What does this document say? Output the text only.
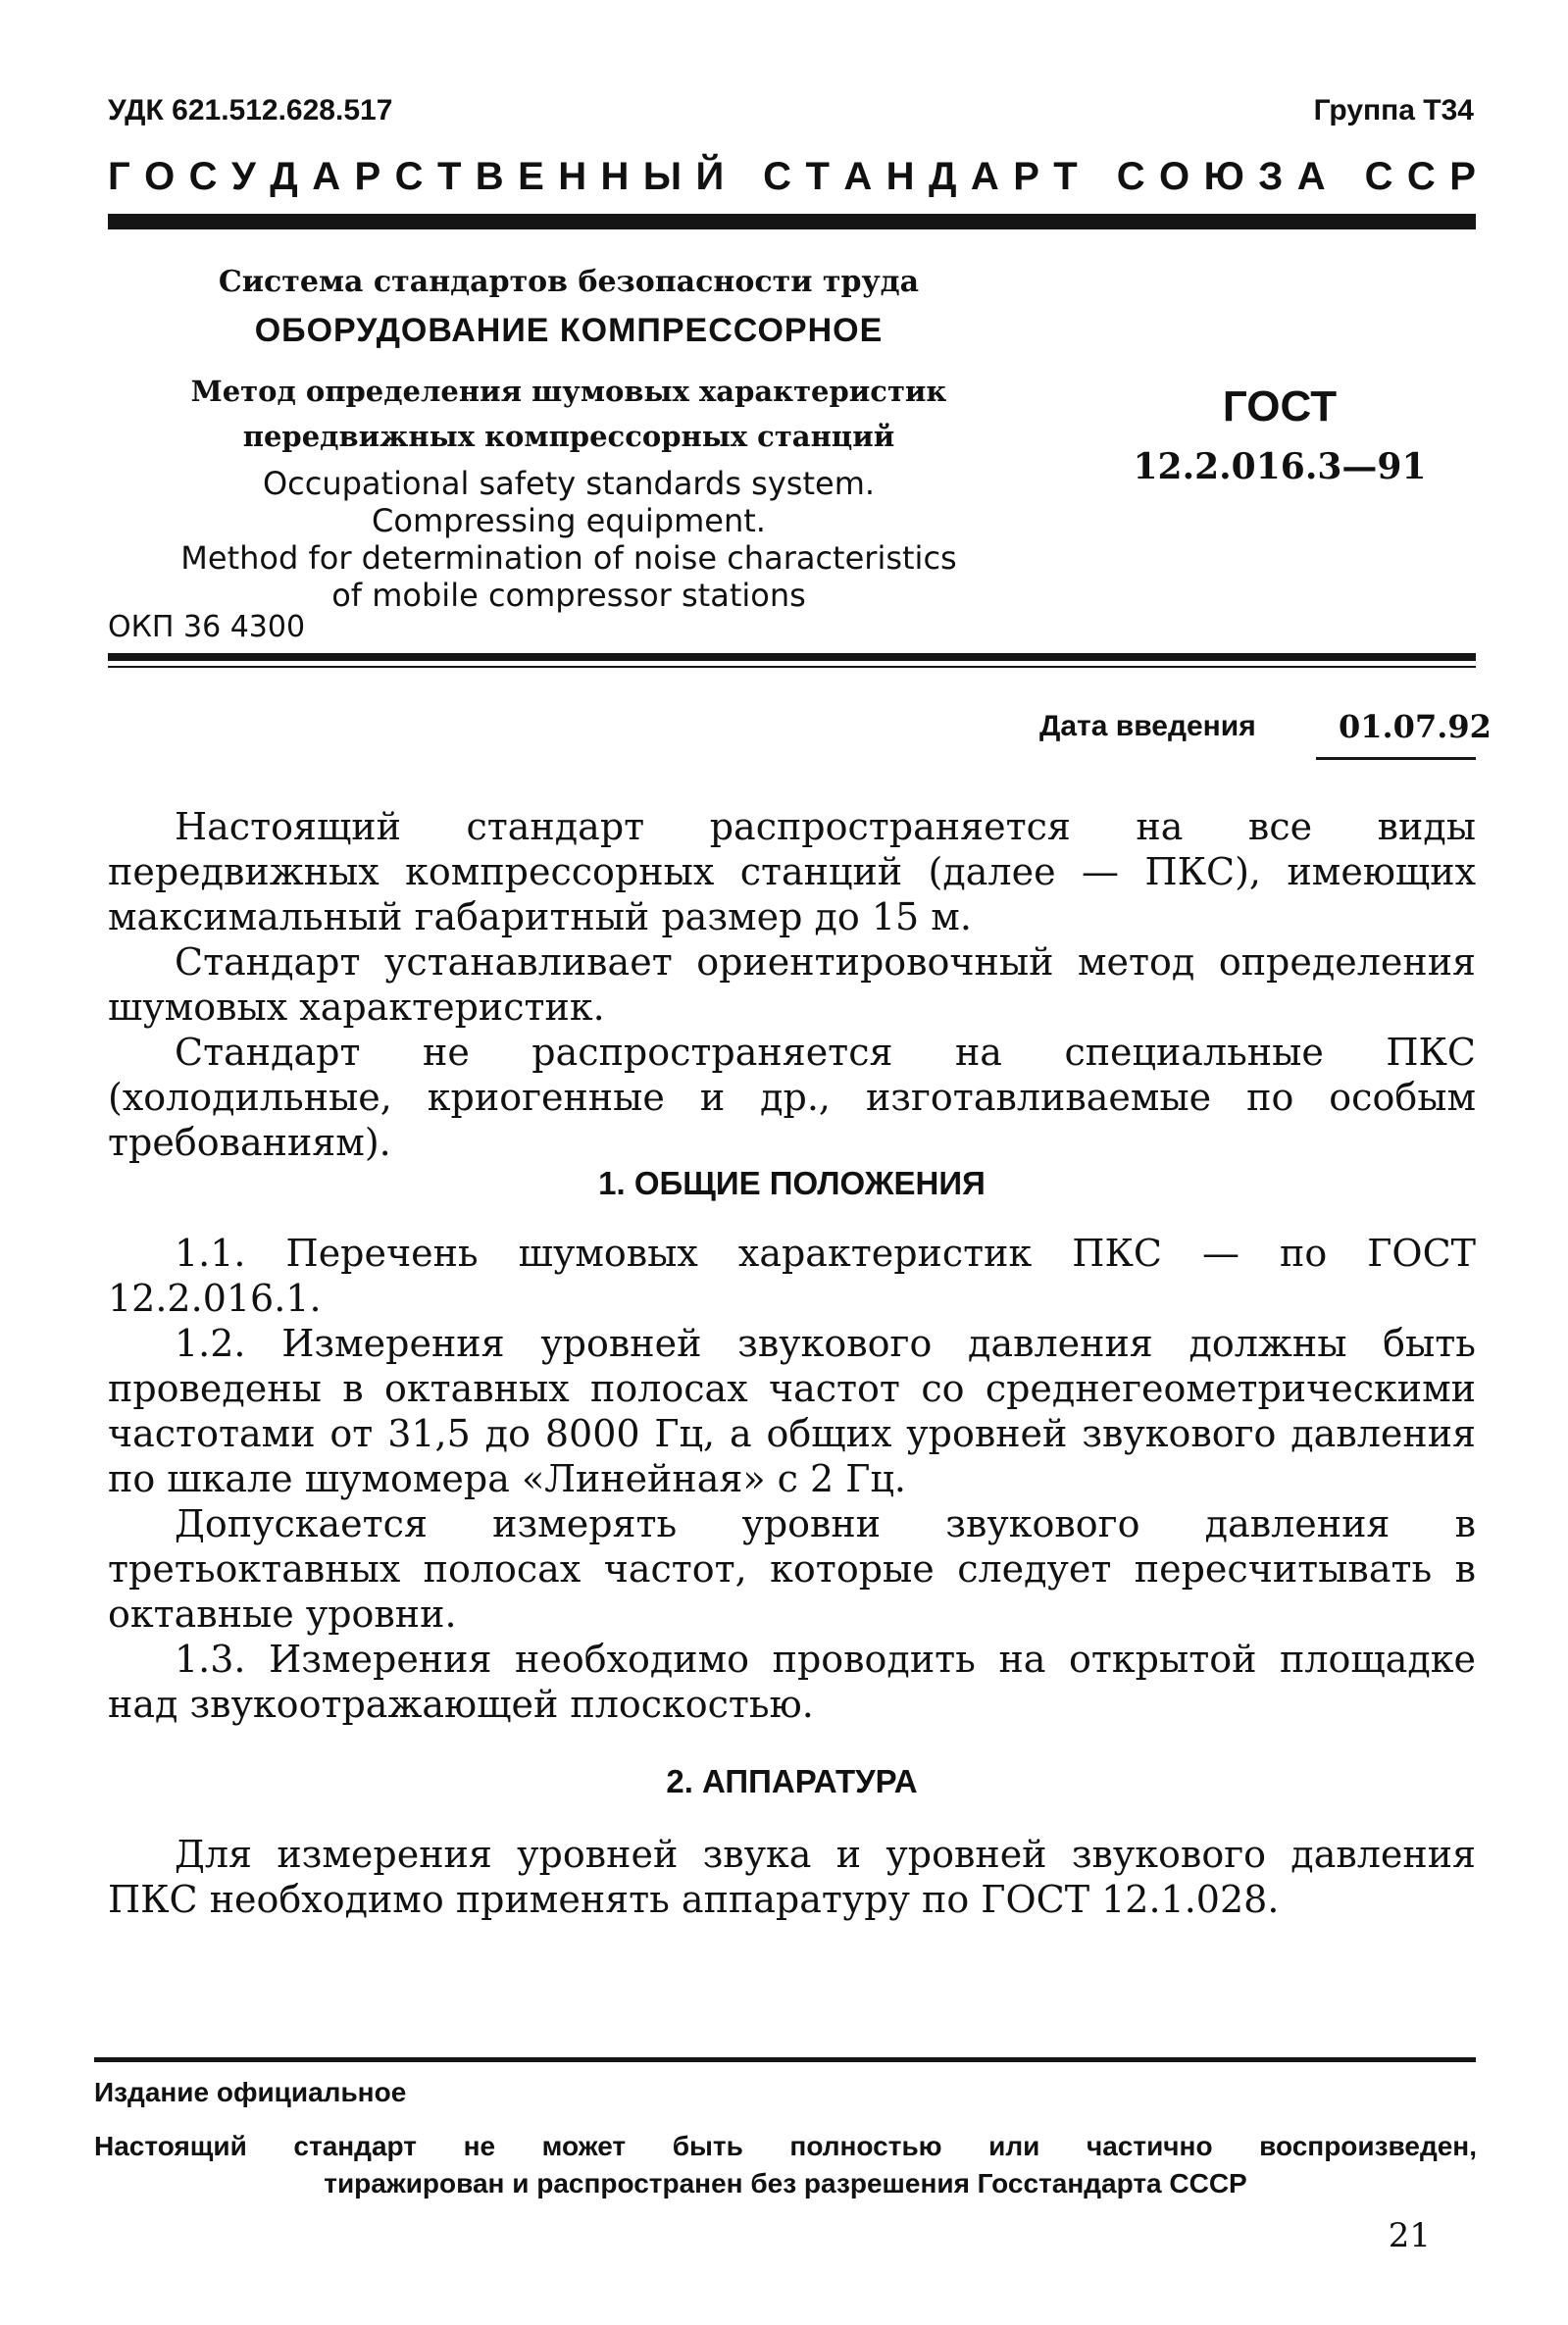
УДК 621.512.628.517	Группа Т34
Г О С У Д А Р С Т В Е Н Н Ы Й
С Т А Н Д А Р Т
С О Ю З А
С С Р
Система стандартов безопасности труда
ОБОРУДОВАНИЕ КОМПРЕССОРНОЕ
Метод определения шумовых характеристик
передвижных компрессорных станций
Occupational safety standards system.
Compressing equipment.
Method for determination of noise characteristics
of mobile compressor stations
ОКП 36 4300
ГОСТ
12.2.016.3—91
Дата введения	01.07.92
Настоящий стандарт распространяется на все виды передвижных компрессорных станций (далее — ПКС), имеющих максимальный габаритный размер до 15 м.
Стандарт устанавливает ориентировочный метод определения шумовых характеристик.
Стандарт не распространяется на специальные ПКС (холодильные, криогенные и др., изготавливаемые по особым требованиям).
1. ОБЩИЕ ПОЛОЖЕНИЯ
1.1. Перечень шумовых характеристик ПКС — по ГОСТ 12.2.016.1.
1.2. Измерения уровней звукового давления должны быть проведены в октавных полосах частот со среднегеометрическими частотами от 31,5 до 8000 Гц, а общих уровней звукового давления по шкале шумомера «Линейная» с 2 Гц.
Допускается измерять уровни звукового давления в третьоктавных полосах частот, которые следует пересчитывать в октавные уровни.
1.3. Измерения необходимо проводить на открытой площадке над звукоотражающей плоскостью.
2. АППАРАТУРА
Для измерения уровней звука и уровней звукового давления ПКС необходимо применять аппаратуру по ГОСТ 12.1.028.
Издание официальное
Настоящий стандарт не может быть полностью или частично воспроизведен,
тиражирован и распространен без разрешения Госстандарта СССР
21
